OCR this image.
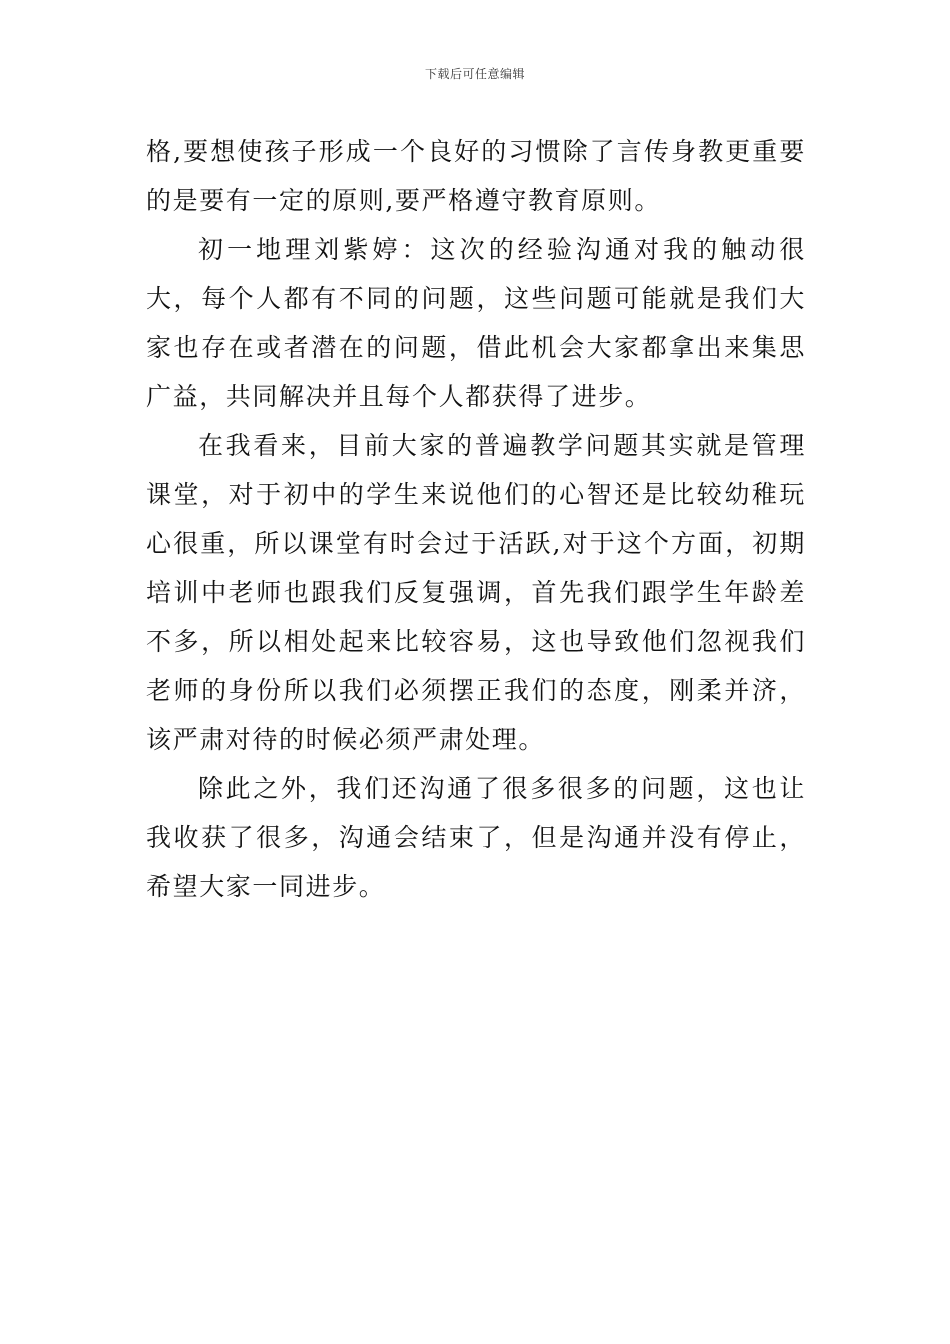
下载后可任意编辑

格,要想使孩子形成一个良好的习惯除了言传身教更重要的是要有一定的原则,要严格遵守教育原则。

初一地理刘紫婷：这次的经验沟通对我的触动很大，每个人都有不同的问题，这些问题可能就是我们大家也存在或者潜在的问题，借此机会大家都拿出来集思广益，共同解决并且每个人都获得了进步。

在我看来，目前大家的普遍教学问题其实就是管理课堂，对于初中的学生来说他们的心智还是比较幼稚玩心很重，所以课堂有时会过于活跃,对于这个方面，初期培训中老师也跟我们反复强调，首先我们跟学生年龄差不多，所以相处起来比较容易，这也导致他们忽视我们老师的身份所以我们必须摆正我们的态度，刚柔并济，该严肃对待的时候必须严肃处理。

除此之外，我们还沟通了很多很多的问题，这也让我收获了很多，沟通会结束了，但是沟通并没有停止，希望大家一同进步。
